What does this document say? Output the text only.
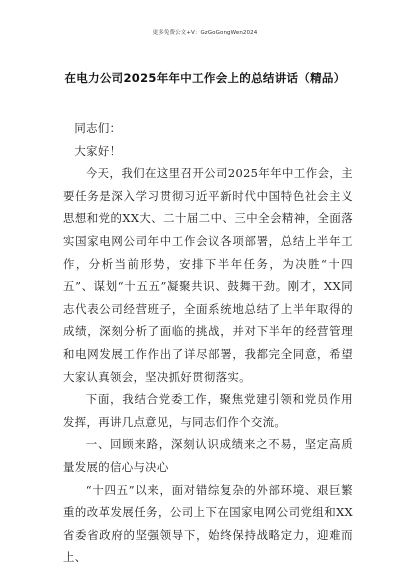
更多免费公文+V：GzGoGongWen2024
在电力公司2025年年中工作会上的总结讲话（精品）

同志们：

大家好！

今天，我们在这里召开公司2025年年中工作会，主要任务是深入学习贯彻习近平新时代中国特色社会主义思想和党的XX大、二十届二中、三中全会精神，全面落实国家电网公司年中工作会议各项部署，总结上半年工作，分析当前形势，安排下半年任务，为决胜“十四五”、谋划“十五五”凝聚共识、鼓舞干劲。刚才，XX同志代表公司经营班子，全面系统地总结了上半年取得的成绩，深刻分析了面临的挑战，并对下半年的经营管理和电网发展工作作出了详尽部署，我都完全同意，希望大家认真领会，坚决抓好贯彻落实。

下面，我结合党委工作，聚焦党建引领和党员作用发挥，再讲几点意见，与同志们作个交流。

一、回顾来路，深刻认识成绩来之不易，坚定高质量发展的信心与决心

“十四五”以来，面对错综复杂的外部环境、艰巨繁重的改革发展任务，公司上下在国家电网公司党组和XX省委省政府的坚强领导下，始终保持战略定力，迎难而上、
